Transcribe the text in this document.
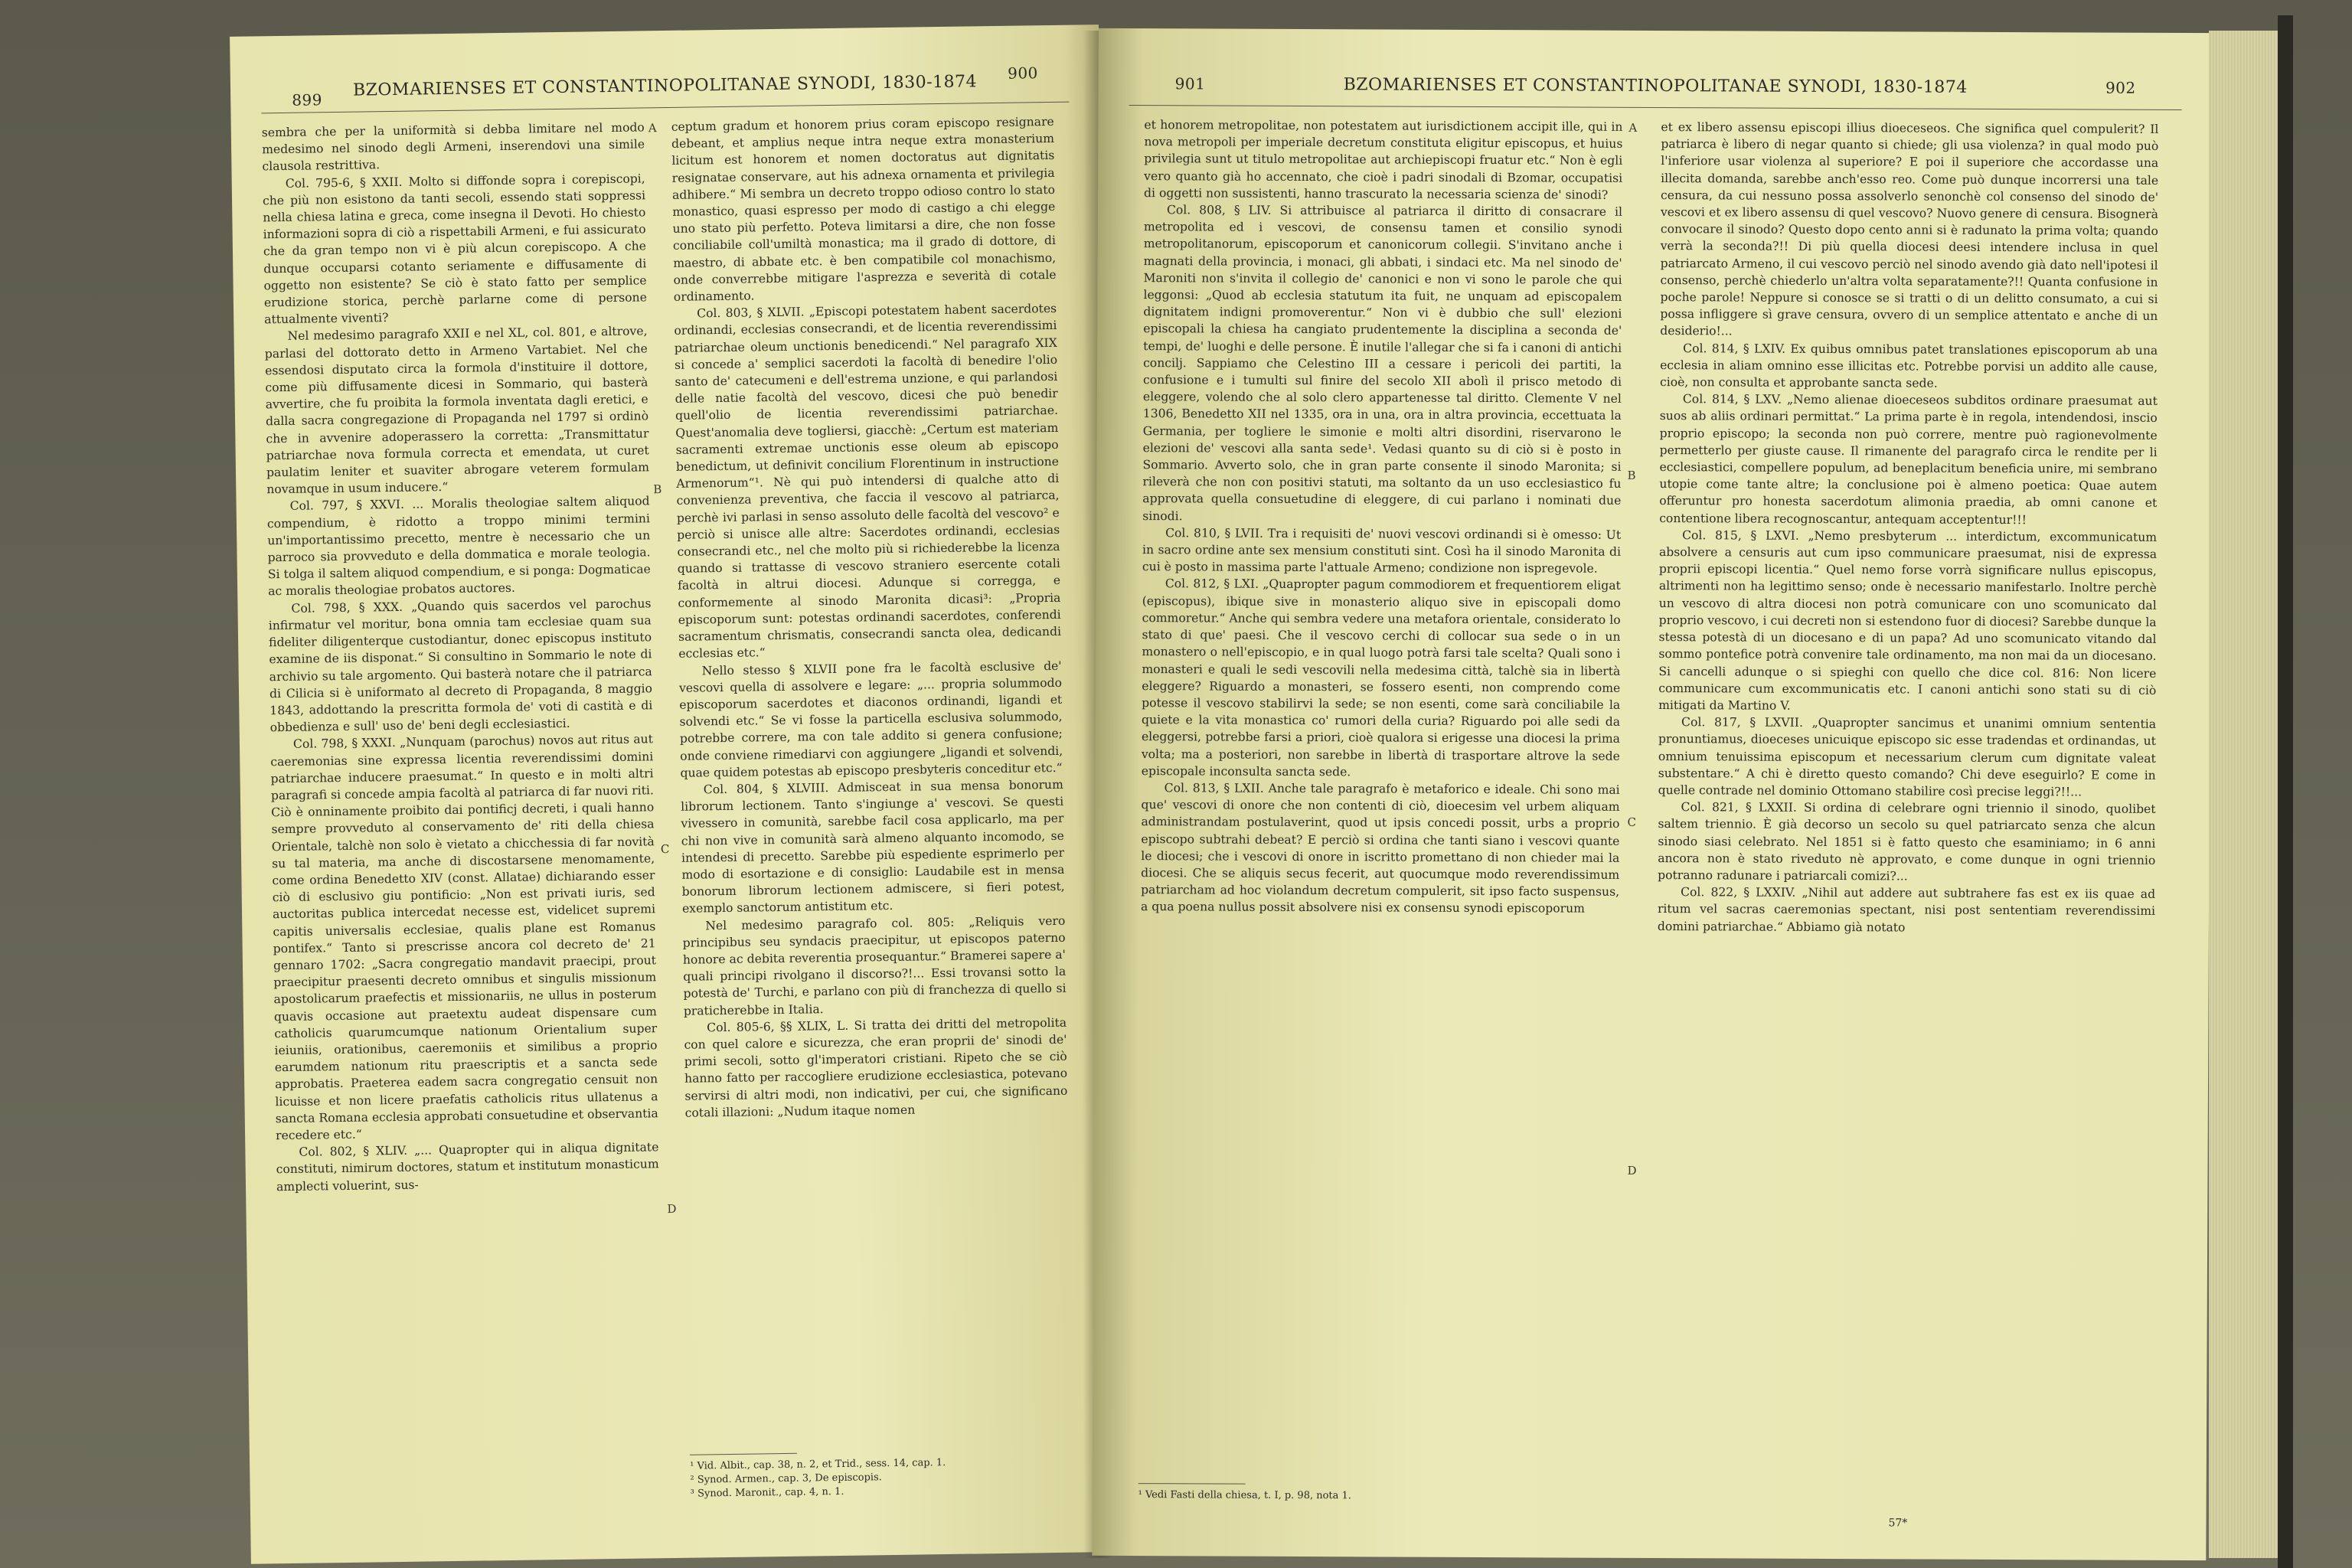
899	BZOMARIENSES ET CONSTANTINOPOLITANAE SYNODI, 1830-1874	900

sembra che per la uniformità si debba limitare nel modo medesimo nel sinodo degli Armeni, inserendovi una simile clausola restrittiva.

Col. 795-6, § XXII. Molto si diffonde sopra i corepiscopi, che più non esistono da tanti secoli, essendo stati soppressi nella chiesa latina e greca, come insegna il Devoti. Ho chiesto informazioni sopra di ciò a rispettabili Armeni, e fui assicurato che da gran tempo non vi è più alcun corepiscopo. A che dunque occuparsi cotanto seriamente e diffusamente di oggetto non esistente? Se ciò è stato fatto per semplice erudizione storica, perchè parlarne come di persone attualmente viventi?

Nel medesimo paragrafo XXII e nel XL, col. 801, e altrove, parlasi del dottorato detto in Armeno Vartabiet. Nel che essendosi disputato circa la formola d'instituire il dottore, come più diffusamente dicesi in Sommario, qui basterà avvertire, che fu proibita la formola inventata dagli eretici, e dalla sacra congregazione di Propaganda nel 1797 si ordinò che in avvenire adoperassero la corretta: „Transmittatur patriarchae nova formula correcta et emendata, ut curet paulatim leniter et suaviter abrogare veterem formulam novamque in usum inducere.“

Col. 797, § XXVI. ... Moralis theologiae saltem aliquod compendium, è ridotto a troppo minimi termini un'importantissimo precetto, mentre è necessario che un parroco sia provveduto e della dommatica e morale teologia. Si tolga il saltem aliquod compendium, e si ponga: Dogmaticae ac moralis theologiae probatos auctores.

Col. 798, § XXX. „Quando quis sacerdos vel parochus infirmatur vel moritur, bona omnia tam ecclesiae quam sua fideliter diligenterque custodiantur, donec episcopus instituto examine de iis disponat.“ Si consultino in Sommario le note di archivio su tale argomento. Qui basterà notare che il patriarca di Cilicia si è uniformato al decreto di Propaganda, 8 maggio 1843, addottando la prescritta formola de' voti di castità e di obbedienza e sull' uso de' beni degli ecclesiastici.

Col. 798, § XXXI. „Nunquam (parochus) novos aut ritus aut caeremonias sine expressa licentia reverendissimi domini patriarchae inducere praesumat.“ In questo e in molti altri paragrafi si concede ampia facoltà al patriarca di far nuovi riti. Ciò è onninamente proibito dai pontificj decreti, i quali hanno sempre provveduto al conservamento de' riti della chiesa Orientale, talchè non solo è vietato a chicchessia di far novità su tal materia, ma anche di discostarsene menomamente, come ordina Benedetto XIV (const. Allatae) dichiarando esser ciò di esclusivo giu pontificio: „Non est privati iuris, sed auctoritas publica intercedat necesse est, videlicet supremi capitis universalis ecclesiae, qualis plane est Romanus pontifex.“ Tanto si prescrisse ancora col decreto de' 21 gennaro 1702: „Sacra congregatio mandavit praecipi, prout praecipitur praesenti decreto omnibus et singulis missionum apostolicarum praefectis et missionariis, ne ullus in posterum quavis occasione aut praetextu audeat dispensare cum catholicis quarumcumque nationum Orientalium super ieiuniis, orationibus, caeremoniis et similibus a proprio earumdem nationum ritu praescriptis et a sancta sede approbatis. Praeterea eadem sacra congregatio censuit non licuisse et non licere praefatis catholicis ritus ullatenus a sancta Romana ecclesia approbati consuetudine et observantia recedere etc.“

Col. 802, § XLIV. „... Quapropter qui in aliqua dignitate constituti, nimirum doctores, statum et institutum monasticum amplecti voluerint, sus-

ceptum gradum et honorem prius coram episcopo resignare debeant, et amplius neque intra neque extra monasterium licitum est honorem et nomen doctoratus aut dignitatis resignatae conservare, aut his adnexa ornamenta et privilegia adhibere.“ Mi sembra un decreto troppo odioso contro lo stato monastico, quasi espresso per modo di castigo a chi elegge uno stato più perfetto. Poteva limitarsi a dire, che non fosse conciliabile coll'umiltà monastica; ma il grado di dottore, di maestro, di abbate etc. è ben compatibile col monachismo, onde converrebbe mitigare l'asprezza e severità di cotale ordinamento.

Col. 803, § XLVII. „Episcopi potestatem habent sacerdotes ordinandi, ecclesias consecrandi, et de licentia reverendissimi patriarchae oleum unctionis benedicendi.“ Nel paragrafo XIX si concede a' semplici sacerdoti la facoltà di benedire l'olio santo de' catecumeni e dell'estrema unzione, e qui parlandosi delle natie facoltà del vescovo, dicesi che può benedir quell'olio de licentia reverendissimi patriarchae. Quest'anomalia deve togliersi, giacchè: „Certum est materiam sacramenti extremae unctionis esse oleum ab episcopo benedictum, ut definivit concilium Florentinum in instructione Armenorum“¹. Nè qui può intendersi di qualche atto di convenienza preventiva, che faccia il vescovo al patriarca, perchè ivi parlasi in senso assoluto delle facoltà del vescovo² e perciò si unisce alle altre: Sacerdotes ordinandi, ecclesias consecrandi etc., nel che molto più si richiederebbe la licenza quando si trattasse di vescovo straniero esercente cotali facoltà in altrui diocesi. Adunque si corregga, e conformemente al sinodo Maronita dicasi³: „Propria episcoporum sunt: potestas ordinandi sacerdotes, conferendi sacramentum chrismatis, consecrandi sancta olea, dedicandi ecclesias etc.“

Nello stesso § XLVII pone fra le facoltà esclusive de' vescovi quella di assolvere e legare: „... propria solummodo episcoporum sacerdotes et diaconos ordinandi, ligandi et solvendi etc.“ Se vi fosse la particella esclusiva solummodo, potrebbe correre, ma con tale addito si genera confusione; onde conviene rimediarvi con aggiungere „ligandi et solvendi, quae quidem potestas ab episcopo presbyteris conceditur etc.“

Col. 804, § XLVIII. Admisceat in sua mensa bonorum librorum lectionem. Tanto s'ingiunge a' vescovi. Se questi vivessero in comunità, sarebbe facil cosa applicarlo, ma per chi non vive in comunità sarà almeno alquanto incomodo, se intendesi di precetto. Sarebbe più espediente esprimerlo per modo di esortazione e di consiglio: Laudabile est in mensa bonorum librorum lectionem admiscere, si fieri potest, exemplo sanctorum antistitum etc.

Nel medesimo paragrafo col. 805: „Reliquis vero principibus seu syndacis praecipitur, ut episcopos paterno honore ac debita reverentia prosequantur.“ Bramerei sapere a' quali principi rivolgano il discorso?!... Essi trovansi sotto la potestà de' Turchi, e parlano con più di franchezza di quello si praticherebbe in Italia.

Col. 805-6, §§ XLIX, L. Si tratta dei dritti del metropolita con quel calore e sicurezza, che eran proprii de' sinodi de' primi secoli, sotto gl'imperatori cristiani. Ripeto che se ciò hanno fatto per raccogliere erudizione ecclesiastica, potevano servirsi di altri modi, non indicativi, per cui, che significano cotali illazioni: „Nudum itaque nomen

A
B
C
D
¹ Vid. Albit., cap. 38, n. 2, et Trid., sess. 14, cap. 1.
² Synod. Armen., cap. 3, De episcopis.
³ Synod. Maronit., cap. 4, n. 1.
901	BZOMARIENSES ET CONSTANTINOPOLITANAE SYNODI, 1830-1874	902

et honorem metropolitae, non potestatem aut iurisdictionem accipit ille, qui in nova metropoli per imperiale decretum constituta eligitur episcopus, et huius privilegia sunt ut titulo metropolitae aut archiepiscopi fruatur etc.“ Non è egli vero quanto già ho accennato, che cioè i padri sinodali di Bzomar, occupatisi di oggetti non sussistenti, hanno trascurato la necessaria scienza de' sinodi?

Col. 808, § LIV. Si attribuisce al patriarca il diritto di consacrare il metropolita ed i vescovi, de consensu tamen et consilio synodi metropolitanorum, episcoporum et canonicorum collegii. S'invitano anche i magnati della provincia, i monaci, gli abbati, i sindaci etc. Ma nel sinodo de' Maroniti non s'invita il collegio de' canonici e non vi sono le parole che qui leggonsi: „Quod ab ecclesia statutum ita fuit, ne unquam ad episcopalem dignitatem indigni promoverentur.“ Non vi è dubbio che sull' elezioni episcopali la chiesa ha cangiato prudentemente la disciplina a seconda de' tempi, de' luoghi e delle persone. È inutile l'allegar che si fa i canoni di antichi concilj. Sappiamo che Celestino III a cessare i pericoli dei partiti, la confusione e i tumulti sul finire del secolo XII abolì il prisco metodo di eleggere, volendo che al solo clero appartenesse tal diritto. Clemente V nel 1306, Benedetto XII nel 1335, ora in una, ora in altra provincia, eccettuata la Germania, per togliere le simonie e molti altri disordini, riservarono le elezioni de' vescovi alla santa sede¹. Vedasi quanto su di ciò si è posto in Sommario. Avverto solo, che in gran parte consente il sinodo Maronita; si rileverà che non con positivi statuti, ma soltanto da un uso ecclesiastico fu approvata quella consuetudine di eleggere, di cui parlano i nominati due sinodi.

Col. 810, § LVII. Tra i requisiti de' nuovi vescovi ordinandi si è omesso: Ut in sacro ordine ante sex mensium constituti sint. Così ha il sinodo Maronita di cui è posto in massima parte l'attuale Armeno; condizione non ispregevole.

Col. 812, § LXI. „Quapropter pagum commodiorem et frequentiorem eligat (episcopus), ibique sive in monasterio aliquo sive in episcopali domo commoretur.“ Anche qui sembra vedere una metafora orientale, considerato lo stato di que' paesi. Che il vescovo cerchi di collocar sua sede o in un monastero o nell'episcopio, e in qual luogo potrà farsi tale scelta? Quali sono i monasteri e quali le sedi vescovili nella medesima città, talchè sia in libertà eleggere? Riguardo a monasteri, se fossero esenti, non comprendo come potesse il vescovo stabilirvi la sede; se non esenti, come sarà conciliabile la quiete e la vita monastica co' rumori della curia? Riguardo poi alle sedi da eleggersi, potrebbe farsi a priori, cioè qualora si erigesse una diocesi la prima volta; ma a posteriori, non sarebbe in libertà di trasportare altrove la sede episcopale inconsulta sancta sede.

Col. 813, § LXII. Anche tale paragrafo è metaforico e ideale. Chi sono mai que' vescovi di onore che non contenti di ciò, dioecesim vel urbem aliquam administrandam postulaverint, quod ut ipsis concedi possit, urbs a proprio episcopo subtrahi debeat? E perciò si ordina che tanti siano i vescovi quante le diocesi; che i vescovi di onore in iscritto promettano di non chieder mai la diocesi. Che se aliquis secus fecerit, aut quocumque modo reverendissimum patriarcham ad hoc violandum decretum compulerit, sit ipso facto suspensus, a qua poena nullus possit absolvere nisi ex consensu synodi episcoporum

et ex libero assensu episcopi illius dioeceseos. Che significa quel compulerit? Il patriarca è libero di negar quanto si chiede; gli usa violenza? in qual modo può l'inferiore usar violenza al superiore? E poi il superiore che accordasse una illecita domanda, sarebbe anch'esso reo. Come può dunque incorrersi una tale censura, da cui nessuno possa assolverlo senonchè col consenso del sinodo de' vescovi et ex libero assensu di quel vescovo? Nuovo genere di censura. Bisognerà convocare il sinodo? Questo dopo cento anni si è radunato la prima volta; quando verrà la seconda?!! Di più quella diocesi deesi intendere inclusa in quel patriarcato Armeno, il cui vescovo perciò nel sinodo avendo già dato nell'ipotesi il consenso, perchè chiederlo un'altra volta separatamente?!! Quanta confusione in poche parole! Neppure si conosce se si tratti o di un delitto consumato, a cui si possa infliggere sì grave censura, ovvero di un semplice attentato e anche di un desiderio!...

Col. 814, § LXIV. Ex quibus omnibus patet translationes episcoporum ab una ecclesia in aliam omnino esse illicitas etc. Potrebbe porvisi un addito alle cause, cioè, non consulta et approbante sancta sede.

Col. 814, § LXV. „Nemo alienae dioeceseos subditos ordinare praesumat aut suos ab aliis ordinari permittat.“ La prima parte è in regola, intendendosi, inscio proprio episcopo; la seconda non può correre, mentre può ragionevolmente permetterlo per giuste cause. Il rimanente del paragrafo circa le rendite per li ecclesiastici, compellere populum, ad beneplacitum beneficia unire, mi sembrano utopie come tante altre; la conclusione poi è almeno poetica: Quae autem offeruntur pro honesta sacerdotum alimonia praedia, ab omni canone et contentione libera recognoscantur, antequam acceptentur!!!

Col. 815, § LXVI. „Nemo presbyterum ... interdictum, excommunicatum absolvere a censuris aut cum ipso communicare praesumat, nisi de expressa proprii episcopi licentia.“ Quel nemo forse vorrà significare nullus episcopus, altrimenti non ha legittimo senso; onde è necessario manifestarlo. Inoltre perchè un vescovo di altra diocesi non potrà comunicare con uno scomunicato dal proprio vescovo, i cui decreti non si estendono fuor di diocesi? Sarebbe dunque la stessa potestà di un diocesano e di un papa? Ad uno scomunicato vitando dal sommo pontefice potrà convenire tale ordinamento, ma non mai da un diocesano. Si cancelli adunque o si spieghi con quello che dice col. 816: Non licere communicare cum excommunicatis etc. I canoni antichi sono stati su di ciò mitigati da Martino V.

Col. 817, § LXVII. „Quapropter sancimus et unanimi omnium sententia pronuntiamus, dioeceses unicuique episcopo sic esse tradendas et ordinandas, ut omnium tenuissima episcopum et necessarium clerum cum dignitate valeat substentare.“ A chi è diretto questo comando? Chi deve eseguirlo? E come in quelle contrade nel dominio Ottomano stabilire così precise leggi?!!...

Col. 821, § LXXII. Si ordina di celebrare ogni triennio il sinodo, quolibet saltem triennio. È già decorso un secolo su quel patriarcato senza che alcun sinodo siasi celebrato. Nel 1851 si è fatto questo che esaminiamo; in 6 anni ancora non è stato riveduto nè approvato, e come dunque in ogni triennio potranno radunare i patriarcali comizi?...

Col. 822, § LXXIV. „Nihil aut addere aut subtrahere fas est ex iis quae ad ritum vel sacras caeremonias spectant, nisi post sententiam reverendissimi domini patriarchae.“ Abbiamo già notato

A
B
C
D
¹ Vedi Fasti della chiesa, t. I, p. 98, nota 1.
57*
